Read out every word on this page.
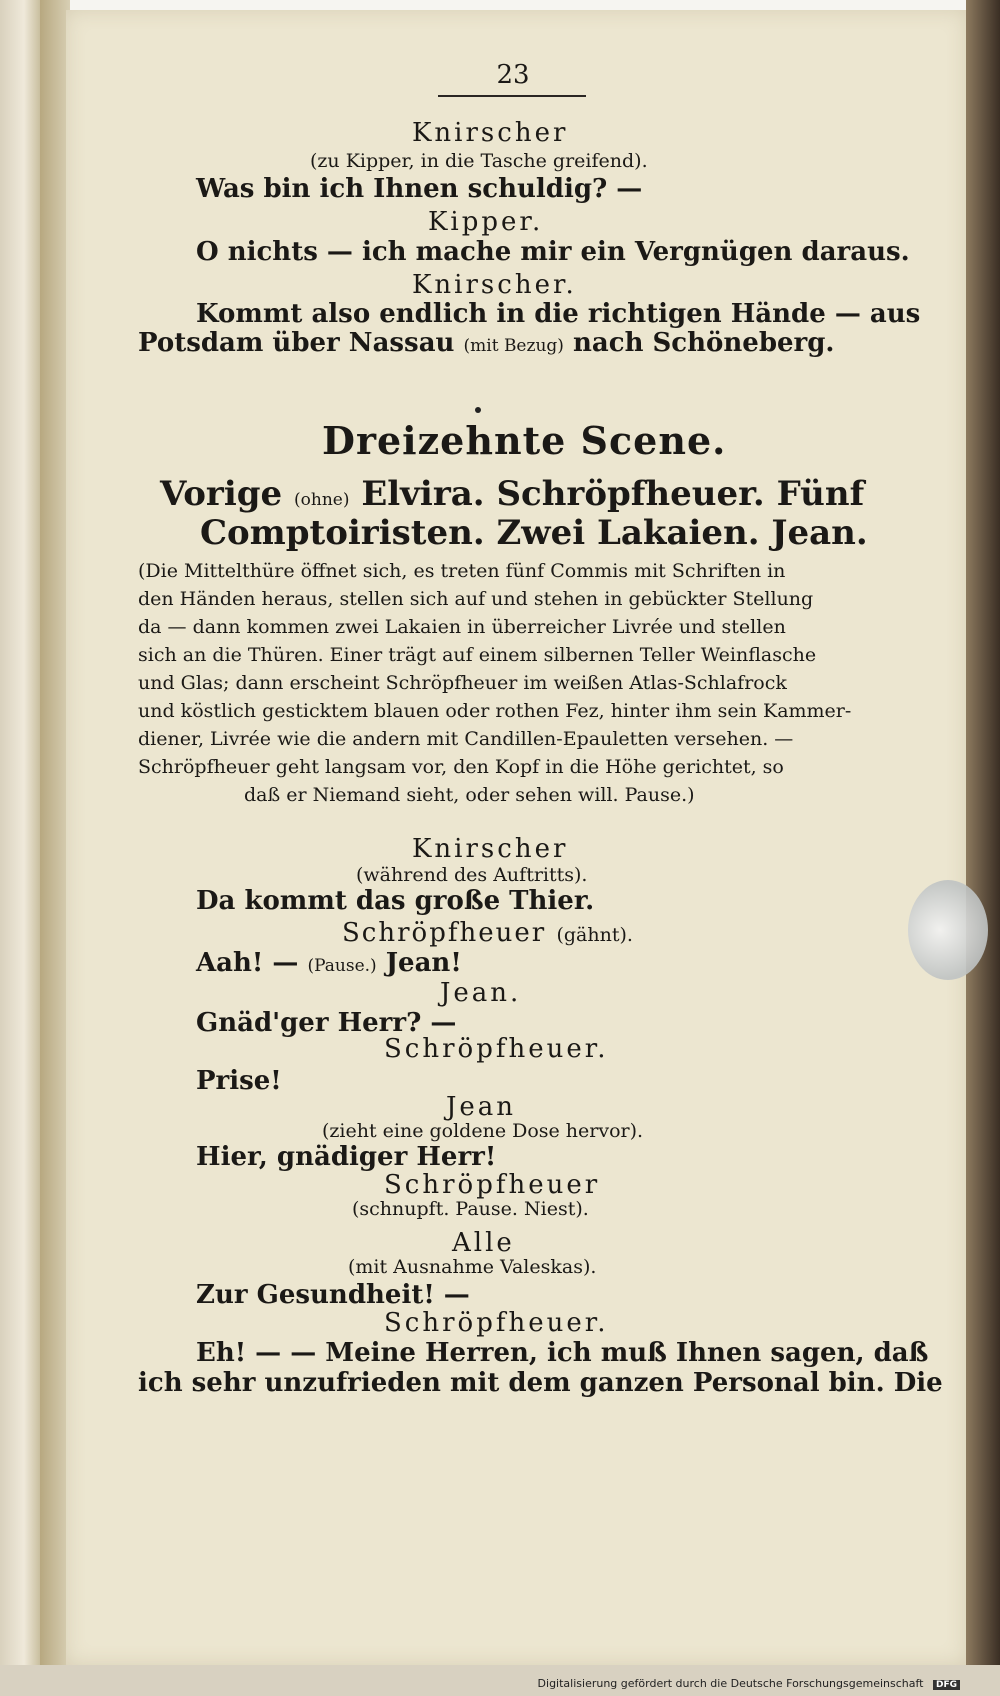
23
Knirscher
(zu Kipper, in die Tasche greifend).
Was bin ich Ihnen schuldig? —
Kipper.
O nichts — ich mache mir ein Vergnügen daraus.
Knirscher.
Kommt also endlich in die richtigen Hände — aus
Potsdam über Nassau (mit Bezug) nach Schöneberg.
Dreizehnte Scene.
Vorige (ohne) Elvira. Schröpfheuer. Fünf
Comptoiristen. Zwei Lakaien. Jean.
(Die Mittelthüre öffnet sich, es treten fünf Commis mit Schriften in
den Händen heraus, stellen sich auf und stehen in gebückter Stellung
da — dann kommen zwei Lakaien in überreicher Livrée und stellen
sich an die Thüren. Einer trägt auf einem silbernen Teller Weinflasche
und Glas; dann erscheint Schröpfheuer im weißen Atlas-Schlafrock
und köstlich gesticktem blauen oder rothen Fez, hinter ihm sein Kammer-
diener, Livrée wie die andern mit Candillen-Epauletten versehen. —
Schröpfheuer geht langsam vor, den Kopf in die Höhe gerichtet, so
daß er Niemand sieht, oder sehen will. Pause.)
Knirscher
(während des Auftritts).
Da kommt das große Thier.
Schröpfheuer (gähnt).
Aah! — (Pause.) Jean!
Jean.
Gnäd'ger Herr? —
Schröpfheuer.
Prise!
Jean
(zieht eine goldene Dose hervor).
Hier, gnädiger Herr!
Schröpfheuer
(schnupft. Pause. Niest).
Alle
(mit Ausnahme Valeskas).
Zur Gesundheit! —
Schröpfheuer.
Eh! — — Meine Herren, ich muß Ihnen sagen, daß
ich sehr unzufrieden mit dem ganzen Personal bin. Die
Digitalisierung gefördert durch die Deutsche Forschungsgemeinschaft DFG
